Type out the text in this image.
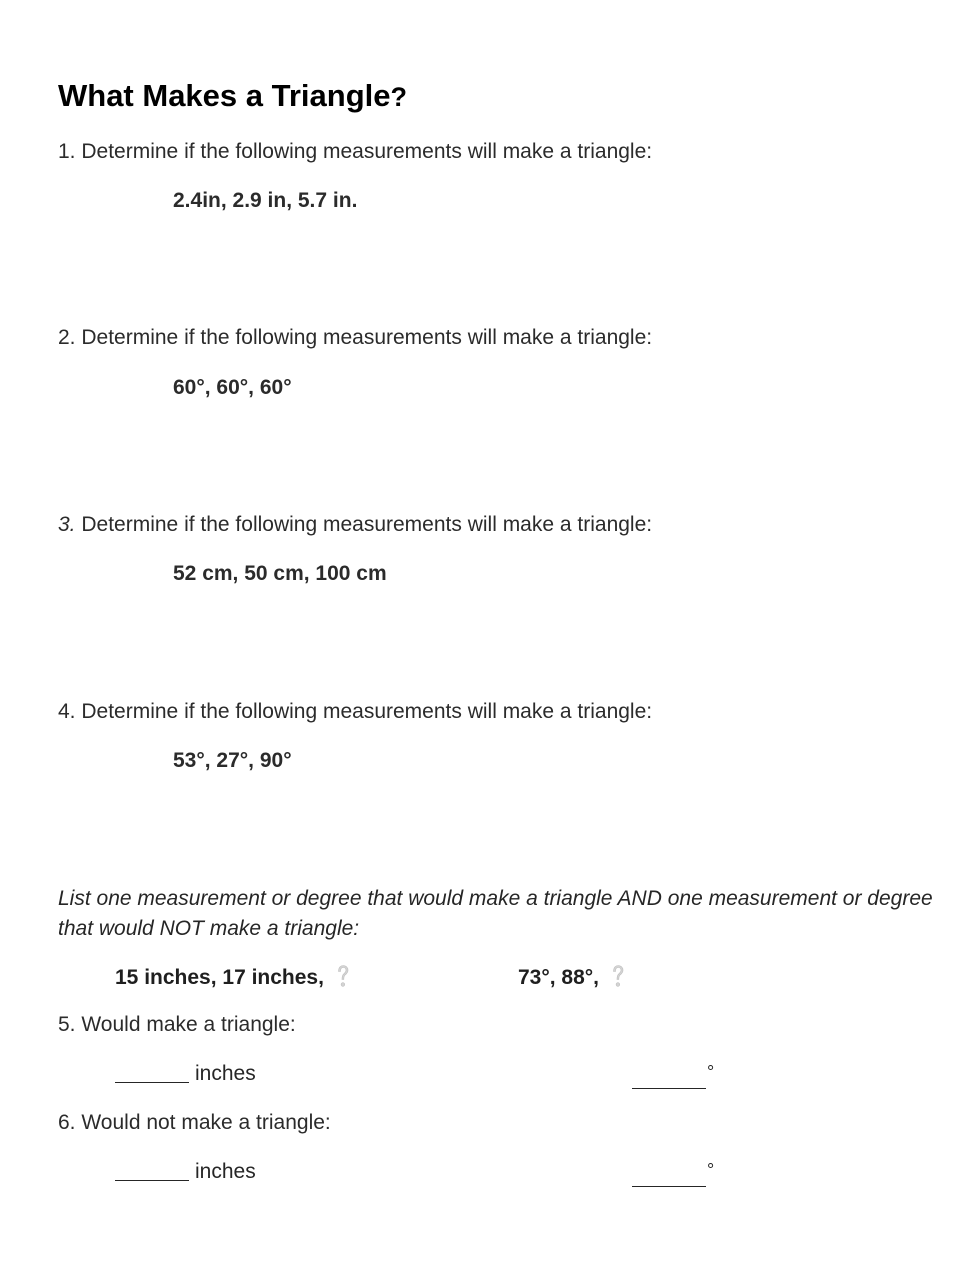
What Makes a Triangle?
1. Determine if the following measurements will make a triangle:
2.4in, 2.9 in, 5.7 in.
2. Determine if the following measurements will make a triangle:
60°, 60°, 60°
3. Determine if the following measurements will make a triangle:
52 cm, 50 cm, 100 cm
4. Determine if the following measurements will make a triangle:
53°, 27°, 90°
List one measurement or degree that would make a triangle AND one measurement or degree that would NOT make a triangle:
15 inches, 17 inches,	73°, 88°,
5. Would make a triangle:
inches	°
6. Would not make a triangle:
inches	°
